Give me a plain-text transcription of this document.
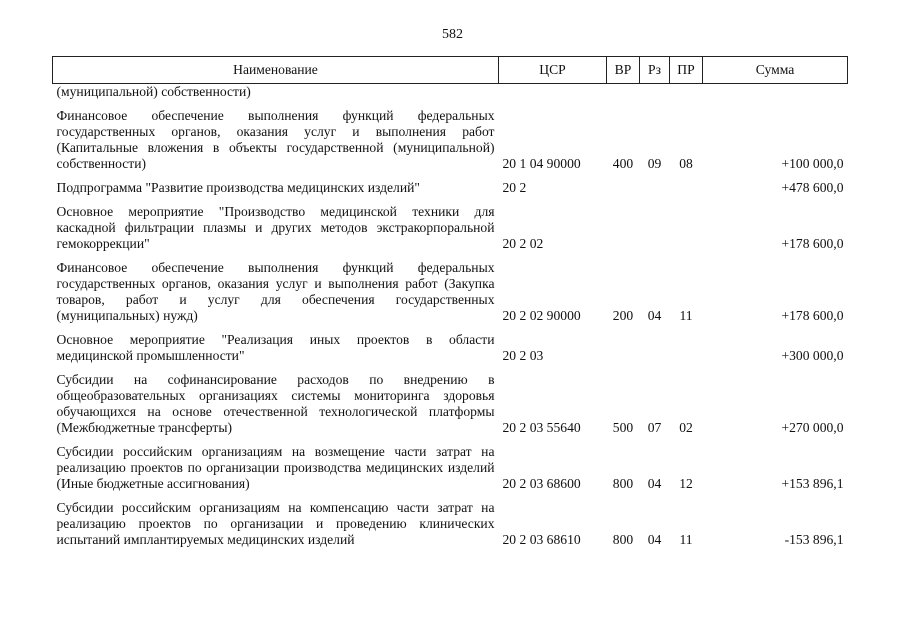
582
Наименование	ЦСР	ВР	Рз	ПР	Сумма
(муниципальной) собственности)					
Финансовое обеспечение выполнения функций федеральных государственных органов, оказания услуг и выполнения работ (Капитальные вложения в объекты государственной (муниципальной) собственности)	20 1 04 90000	400	09	08	+100 000,0
Подпрограмма "Развитие производства медицинских изделий"	20 2				+478 600,0
Основное мероприятие "Производство медицинской техники для каскадной фильтрации плазмы и других методов экстракорпоральной гемокоррекции"	20 2 02				+178 600,0
Финансовое обеспечение выполнения функций федеральных государственных органов, оказания услуг и выполнения работ (Закупка товаров, работ и услуг для обеспечения государственных (муниципальных) нужд)	20 2 02 90000	200	04	11	+178 600,0
Основное мероприятие "Реализация иных проектов в области медицинской промышленности"	20 2 03				+300 000,0
Субсидии на софинансирование расходов по внедрению в общеобразовательных организациях системы мониторинга здоровья обучающихся на основе отечественной технологической платформы (Межбюджетные трансферты)	20 2 03 55640	500	07	02	+270 000,0
Субсидии российским организациям на возмещение части затрат на реализацию проектов по организации производства медицинских изделий (Иные бюджетные ассигнования)	20 2 03 68600	800	04	12	+153 896,1
Субсидии российским организациям на компенсацию части затрат на реализацию проектов по организации и проведению клинических испытаний имплантируемых медицинских изделий	20 2 03 68610	800	04	11	-153 896,1
